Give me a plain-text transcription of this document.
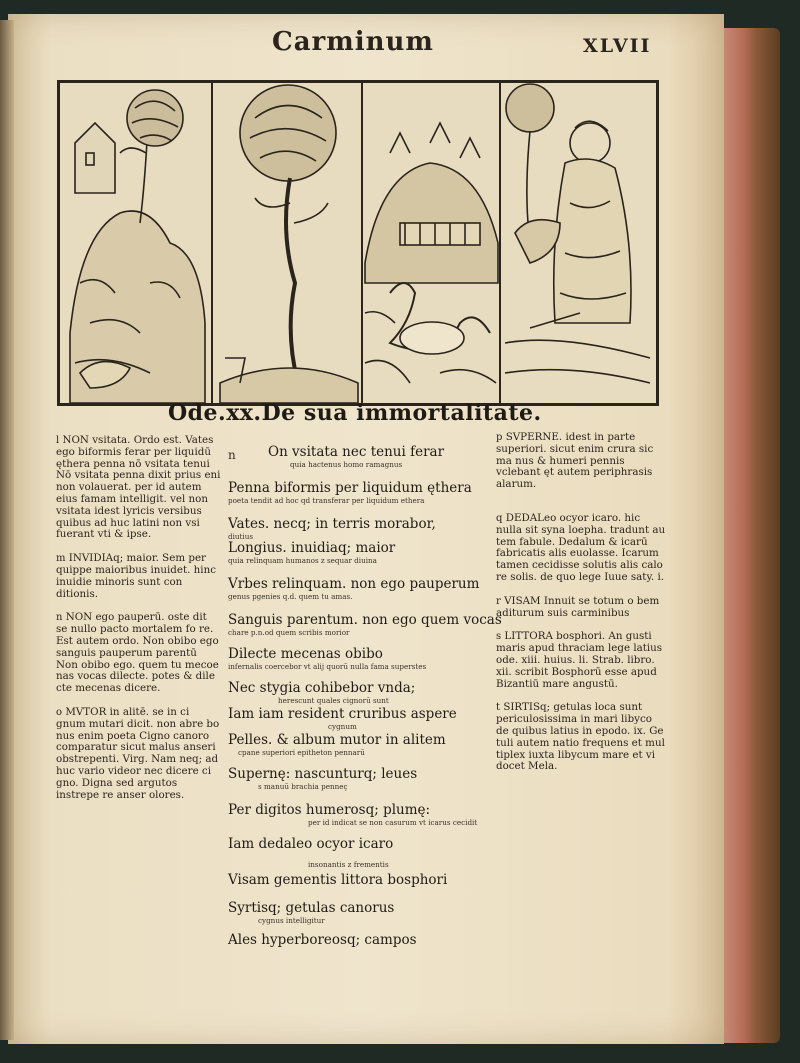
Carminum	XLVII
Ode.xx.De sua immortalitate.

l NON vsitata. Ordo est. Vates ego biformis ferar per liquidū ęthera penna nō vsitata tenui Nō vsitata penna dixit prius eni non volauerat. per id autem eius famam intelligit. vel non vsitata idest lyricis versibus quibus ad huc latini non vsi fuerant vti & ipse.

m INVIDIAq; maior. Sem per quippe maioribus inuidet. hinc inuidie minoris sunt con ditionis.

n NON ego pauperū. oste dit se nullo pacto mortalem fo re. Est autem ordo. Non obibo ego sanguis pauperum parentū Non obibo ego. quem tu mecoe nas vocas dilecte. potes & dile cte mecenas dicere.

o MVTOR in alitē. se in ci gnum mutari dicit. non abre bo nus enim poeta Cigno canoro comparatur sicut malus anseri obstrepenti. Virg. Nam neq; ad huc vario videor nec dicere ci gno. Digna sed argutos instrepe re anser olores.

p SVPERNE. idest in parte superiori. sicut enim crura sic ma nus & humeri pennis vclebant ęt autem periphrasis alarum.

q DEDALeo ocyor icaro. hic nulla sit syna loepha. tradunt au tem fabule. Dedalum & icarū fabricatis alis euolasse. Icarum tamen cecidisse solutis alis calo re solis. de quo lege Iuue saty. i.

r VISAM Innuit se totum o bem aditurum suis carminibus

s LITTORA bosphori. An gusti maris apud thraciam lege latius ode. xiii. huius. li. Strab. libro. xii. scribit Bosphorū esse apud Bizantiū mare angustū.

t SIRTISq; getulas loca sunt periculosissima in mari libyco de quibus latius in epodo. ix. Ge tuli autem natio frequens et mul tiplex iuxta libycum mare et vi docet Mela.

n On vsitata nec tenui ferar
quia hactenus homo ramagnus
Penna biformis per liquidum ęthera
poeta tendit ad hoc qd transferar per liquidum ethera
Vates. necq; in terris morabor,
diutius
Longius. inuidiaq; maior
quia relinquam humanos z sequar diuina
Vrbes relinquam. non ego pauperum
genus pgenies q.d. quem tu amas.
Sanguis parentum. non ego quem vocas
chare p.n.od quem scribis morior
Dilecte mecenas obibo
infernalis coercebor vt alij quorū nulla fama superstes
Nec stygia cohibebor vnda;
herescunt quales cignorū sunt
Iam iam resident cruribus aspere
cygnum
Pelles. & album mutor in alitem
cpane superiori epitheton pennarū
Supernę: nascunturq; leues
s manuū brachia penneç
Per digitos humerosq; plumę:
per id indicat se non casurum vt icarus cecidit
Iam dedaleo ocyor icaro
insonantis z frementis
Visam gementis littora bosphori
Syrtisq; getulas canorus
cygnus intelligitur
Ales hyperboreosq; campos
